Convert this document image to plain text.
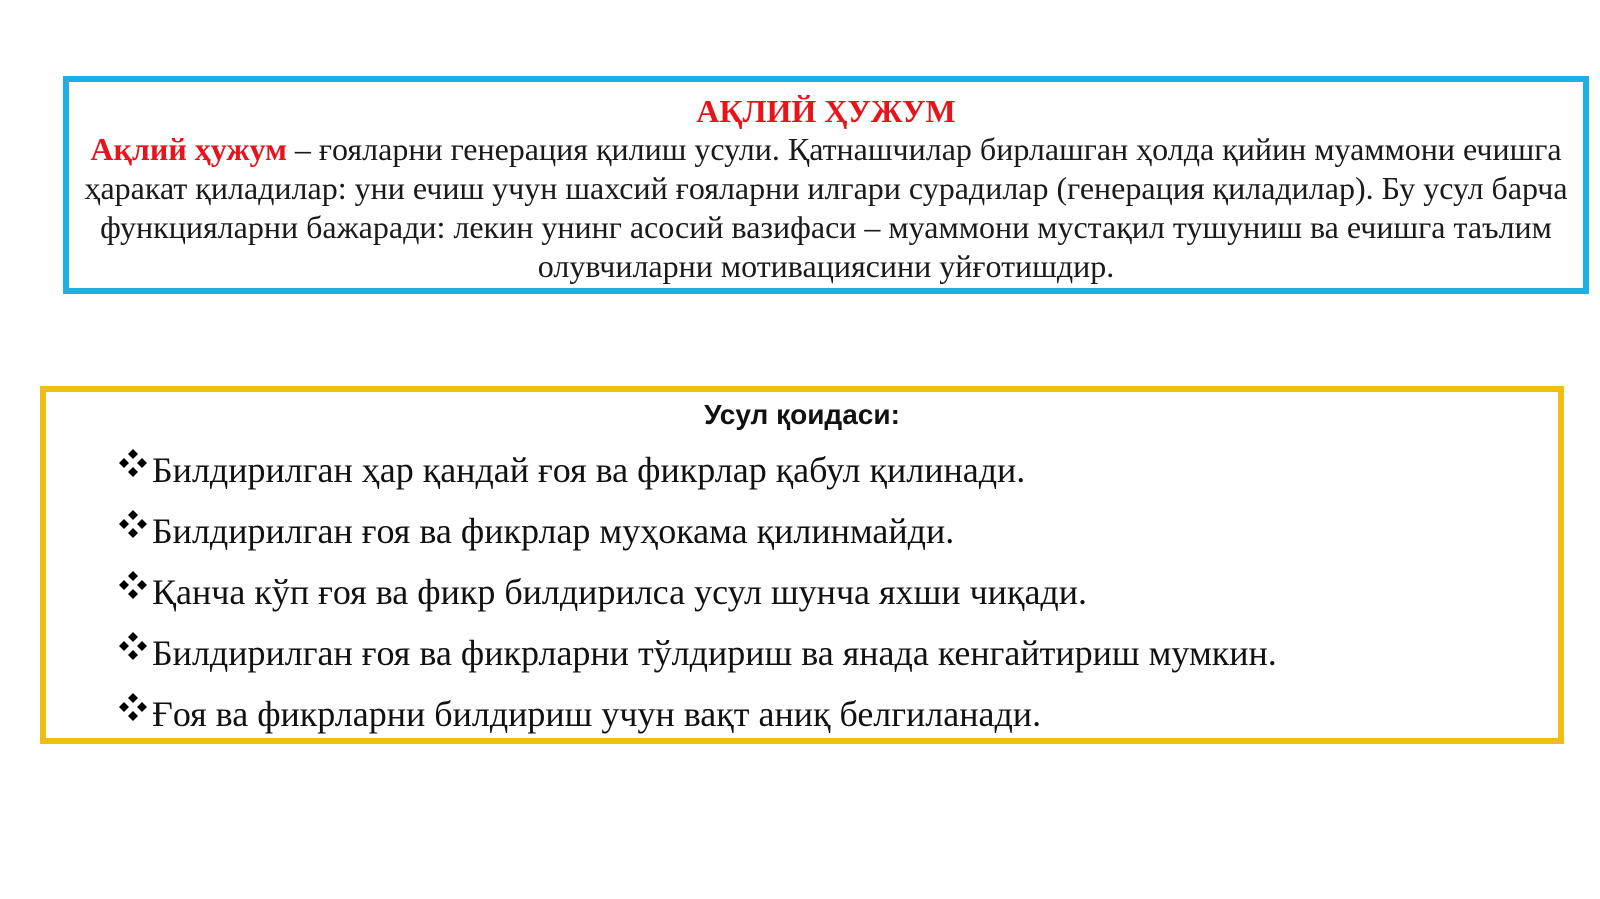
АҚЛИЙ ҲУЖУМ

Ақлий ҳужум – ғояларни генерация қилиш усули. Қатнашчилар бирлашган ҳолда қийин муаммони ечишга ҳаракат қиладилар: уни ечиш учун шахсий ғояларни илгари сурадилар (генерация қиладилар). Бу усул барча функцияларни бажаради: лекин унинг асосий вазифаси – муаммони мустақил тушуниш ва ечишга таълим олувчиларни мотивациясини уйғотишдир.

Усул қоидаси:

Билдирилган ҳар қандай ғоя ва фикрлар қабул қилинади.
Билдирилган ғоя ва фикрлар муҳокама қилинмайди.
Қанча кўп ғоя ва фикр билдирилса усул шунча яхши чиқади.
Билдирилган ғоя ва фикрларни тўлдириш ва янада кенгайтириш мумкин.
Ғоя ва фикрларни билдириш учун вақт аниқ белгиланади.
